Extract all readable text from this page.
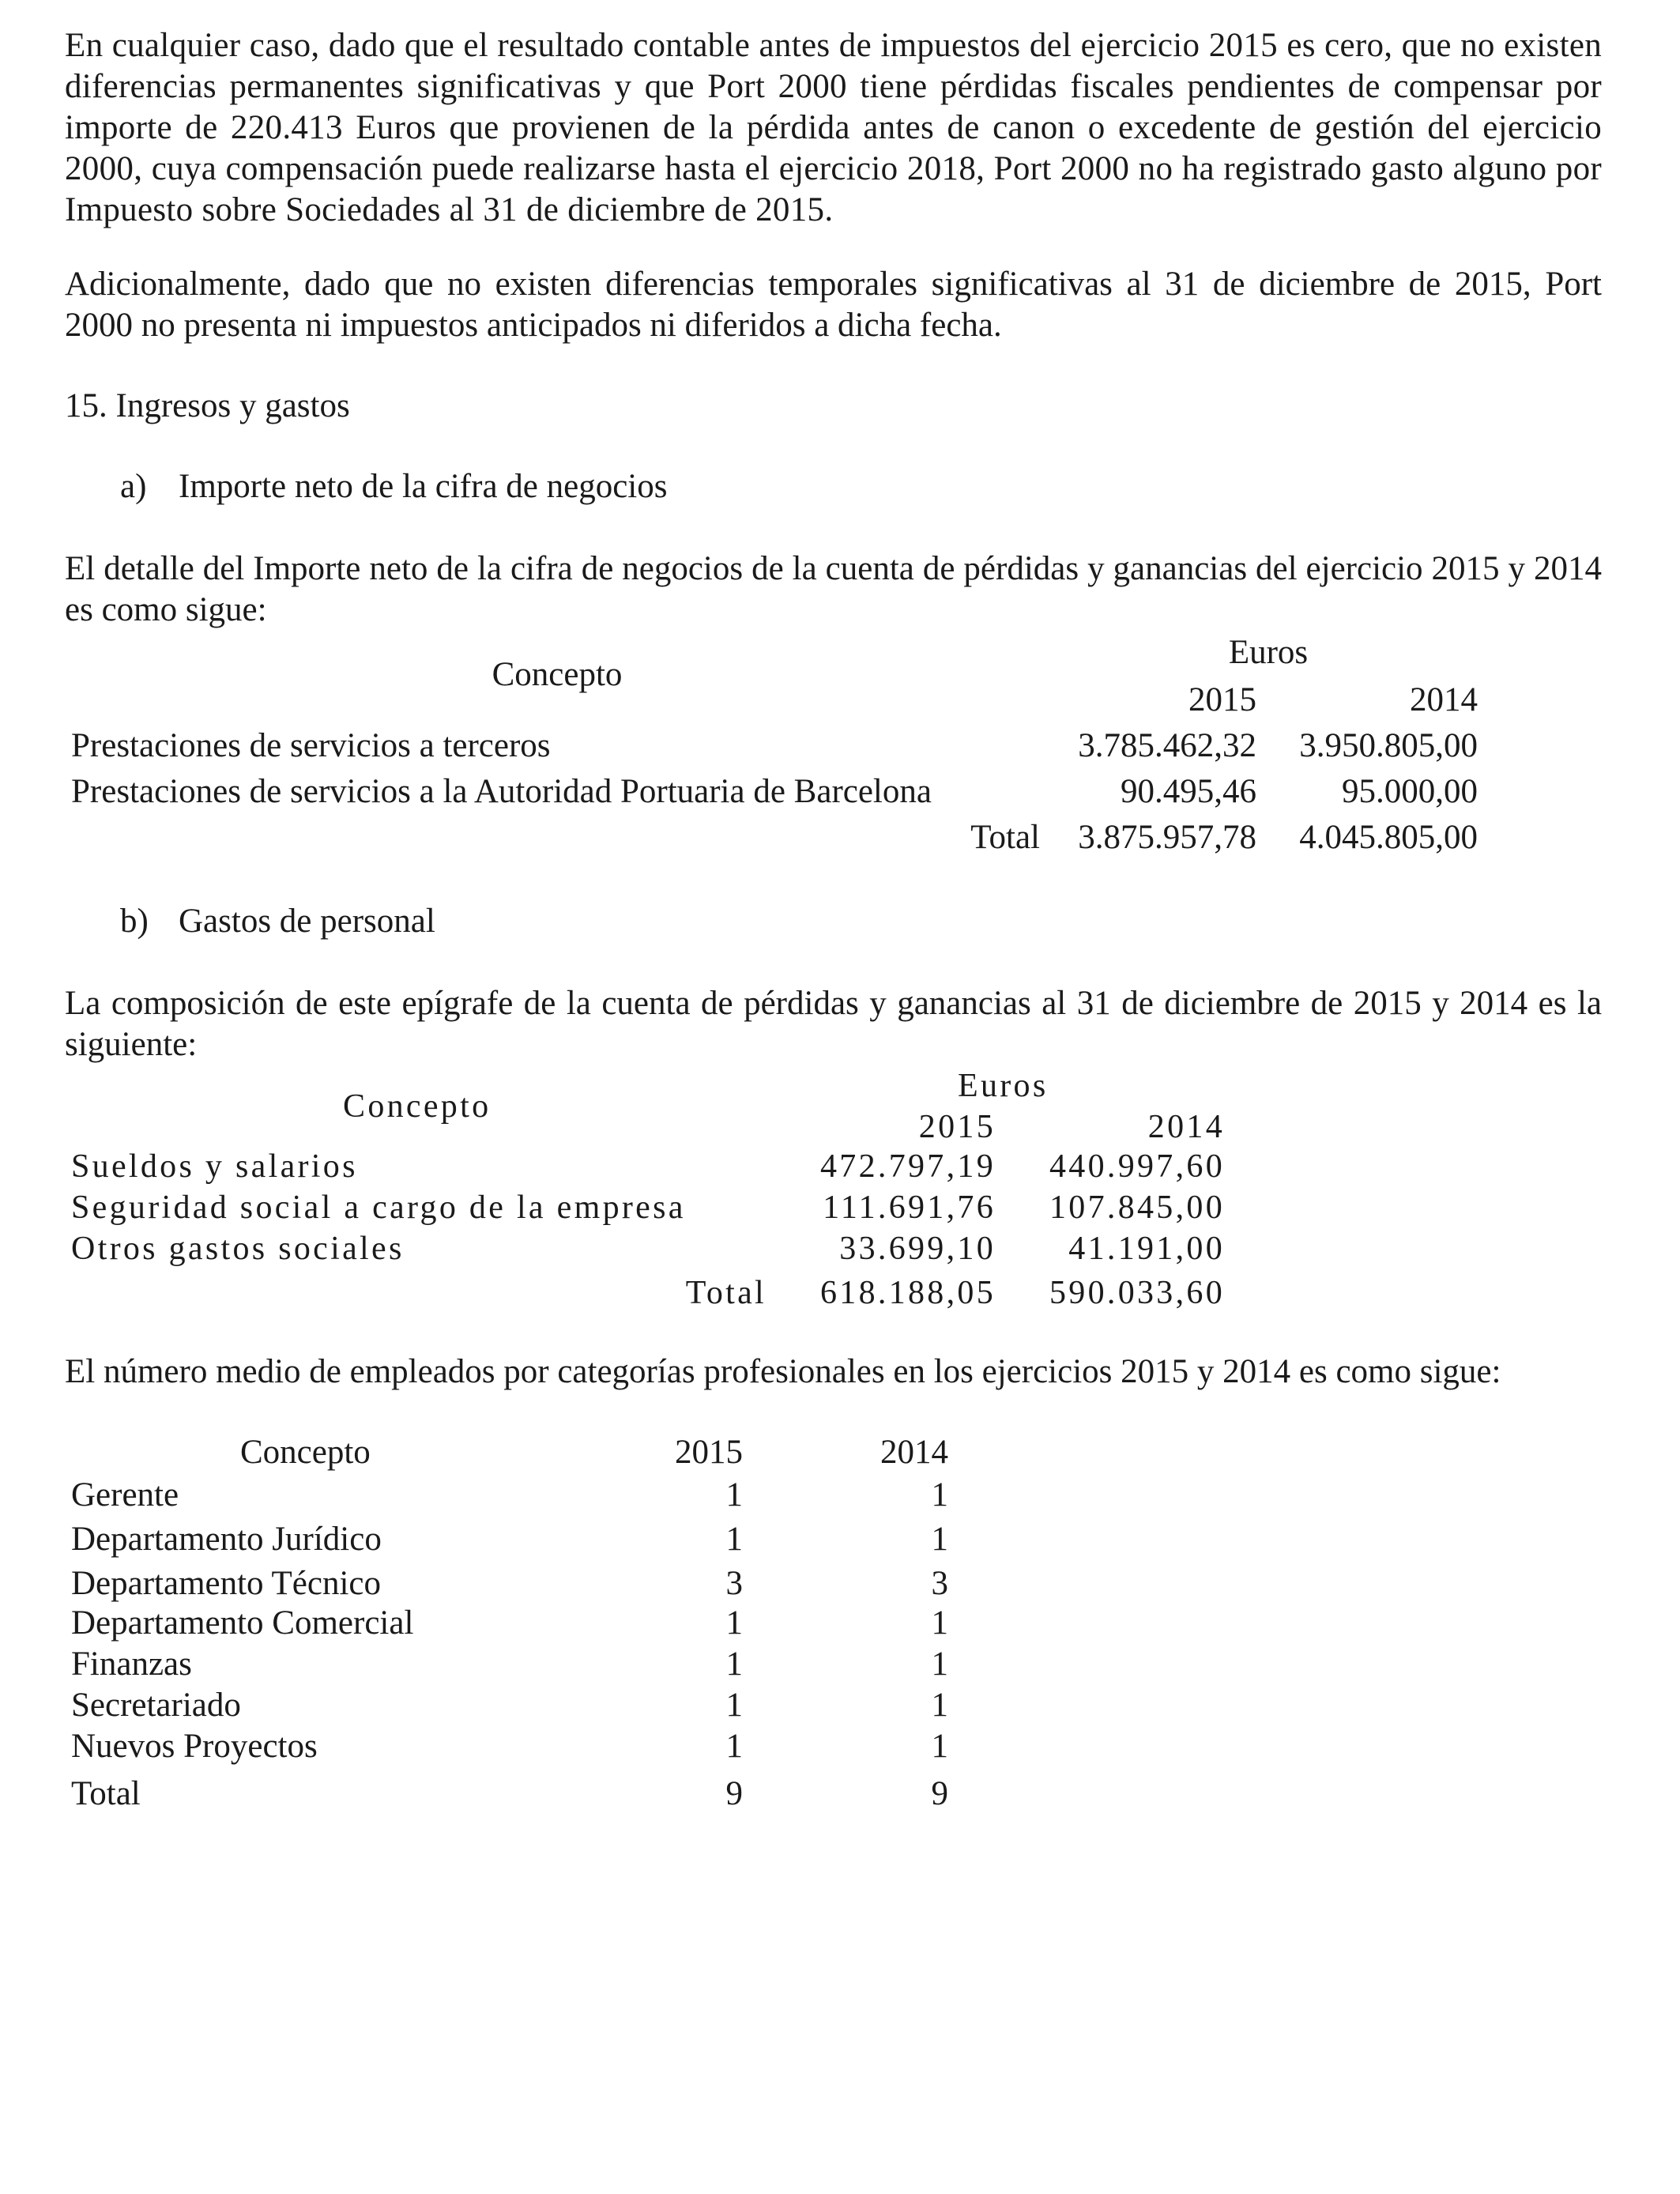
En cualquier caso, dado que el resultado contable antes de impuestos del ejercicio 2015 es cero, que no existen diferencias permanentes significativas y que Port 2000 tiene pérdidas fiscales pendientes de compensar por importe de 220.413 Euros que provienen de la pérdida antes de canon o excedente de gestión del ejercicio 2000, cuya compensación puede realizarse hasta el ejercicio 2018, Port 2000 no ha registrado gasto alguno por Impuesto sobre Sociedades al 31 de diciembre de 2015.

Adicionalmente, dado que no existen diferencias temporales significativas al 31 de diciembre de 2015, Port 2000 no presenta ni impuestos anticipados ni diferidos a dicha fecha.

15. Ingresos y gastos
a) Importe neto de la cifra de negocios

El detalle del Importe neto de la cifra de negocios de la cuenta de pérdidas y ganancias del ejercicio 2015 y 2014 es como sigue:

Concepto
Euros
2015	2014
Prestaciones de servicios a terceros	3.785.462,32	3.950.805,00
Prestaciones de servicios a la Autoridad Portuaria de Barcelona	90.495,46	95.000,00
Total	3.875.957,78	4.045.805,00
b) Gastos de personal

La composición de este epígrafe de la cuenta de pérdidas y ganancias al 31 de diciembre de 2015 y 2014 es la siguiente:

Concepto
Euros
2015	2014
Sueldos y salarios	472.797,19	440.997,60
Seguridad social a cargo de la empresa	111.691,76	107.845,00
Otros gastos sociales	33.699,10	41.191,00
Total	618.188,05	590.033,60

El número medio de empleados por categorías profesionales en los ejercicios 2015 y 2014 es como sigue:

Concepto	2015	2014
Gerente	1	1
Departamento Jurídico	1	1
Departamento Técnico	3	3
Departamento Comercial	1	1
Finanzas	1	1
Secretariado	1	1
Nuevos Proyectos	1	1
Total	9	9
